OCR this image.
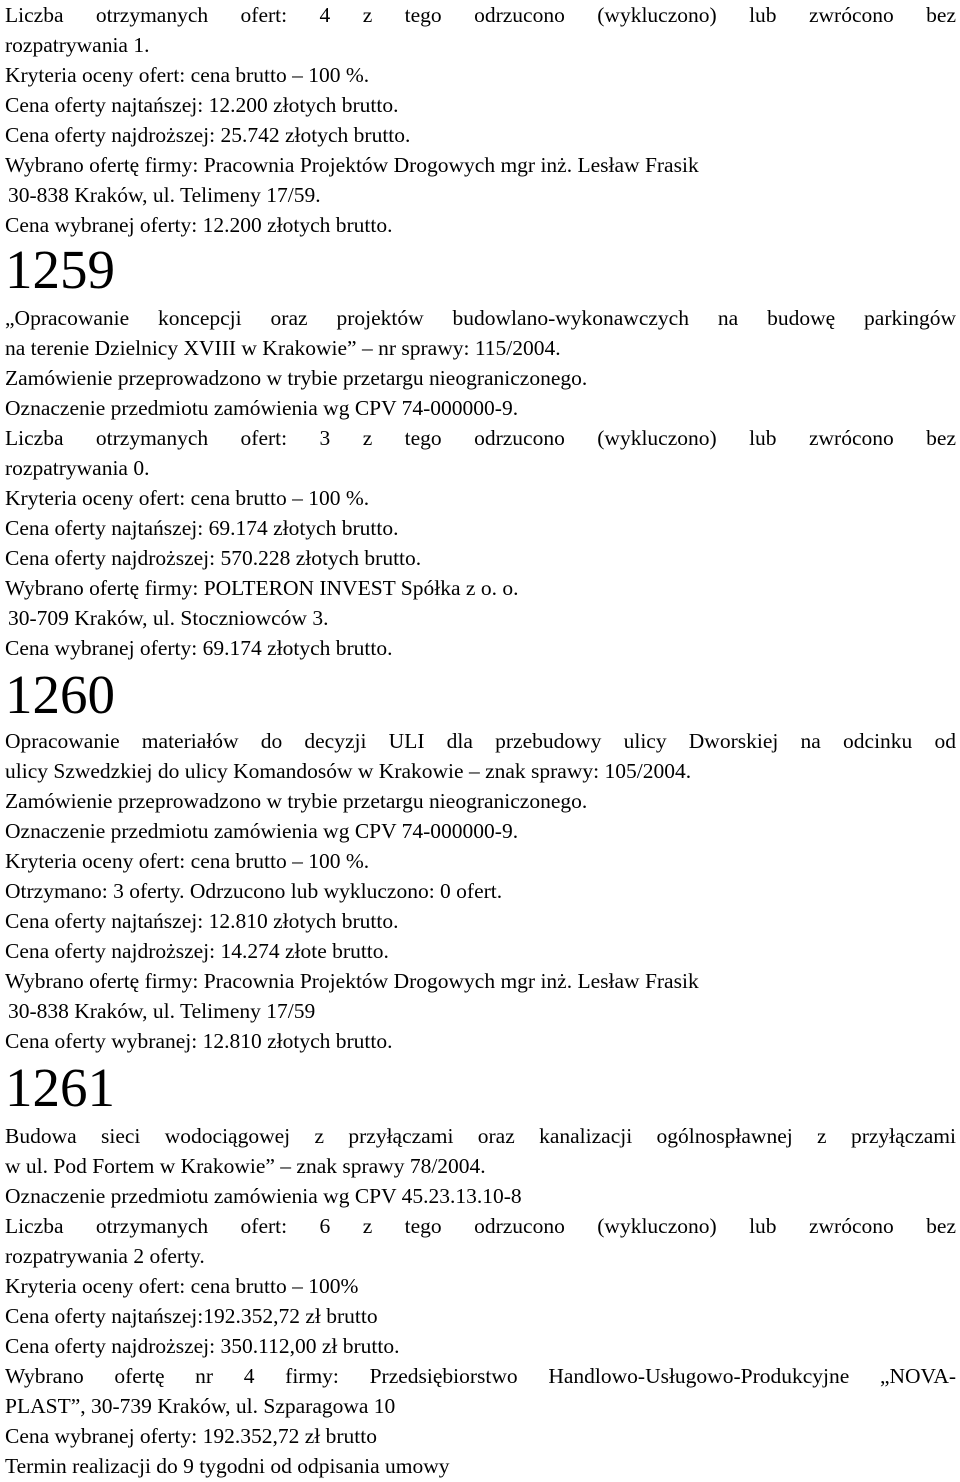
Liczba otrzymanych ofert: 4 z tego odrzucono (wykluczono) lub zwrócono bez
rozpatrywania 1.
Kryteria oceny ofert: cena brutto – 100 %.
Cena oferty najtańszej: 12.200 złotych brutto.
Cena oferty najdroższej: 25.742 złotych brutto.
Wybrano ofertę firmy: Pracownia Projektów Drogowych mgr inż. Lesław Frasik
30-838 Kraków, ul. Telimeny 17/59.
Cena wybranej oferty: 12.200 złotych brutto.
1259
„Opracowanie koncepcji oraz projektów budowlano-wykonawczych na budowę parkingów
na terenie Dzielnicy XVIII w Krakowie” – nr sprawy: 115/2004.
Zamówienie przeprowadzono w trybie przetargu nieograniczonego.
Oznaczenie przedmiotu zamówienia wg CPV 74-000000-9.
Liczba otrzymanych ofert: 3 z tego odrzucono (wykluczono) lub zwrócono bez
rozpatrywania 0.
Kryteria oceny ofert: cena brutto – 100 %.
Cena oferty najtańszej: 69.174 złotych brutto.
Cena oferty najdroższej: 570.228 złotych brutto.
Wybrano ofertę firmy: POLTERON INVEST Spółka z o. o.
30-709 Kraków, ul. Stoczniowców 3.
Cena wybranej oferty: 69.174 złotych brutto.
1260
Opracowanie materiałów do decyzji ULI dla przebudowy ulicy Dworskiej na odcinku od
ulicy Szwedzkiej do ulicy Komandosów w Krakowie – znak sprawy: 105/2004.
Zamówienie przeprowadzono w trybie przetargu nieograniczonego.
Oznaczenie przedmiotu zamówienia wg CPV 74-000000-9.
Kryteria oceny ofert: cena brutto – 100 %.
Otrzymano: 3 oferty. Odrzucono lub wykluczono: 0 ofert.
Cena oferty najtańszej: 12.810 złotych brutto.
Cena oferty najdroższej: 14.274 złote brutto.
Wybrano ofertę firmy: Pracownia Projektów Drogowych mgr inż. Lesław Frasik
30-838 Kraków, ul. Telimeny 17/59
Cena oferty wybranej: 12.810 złotych brutto.
1261
Budowa sieci wodociągowej z przyłączami oraz kanalizacji ogólnospławnej z przyłączami
w ul. Pod Fortem w Krakowie” – znak sprawy 78/2004.
Oznaczenie przedmiotu zamówienia wg CPV 45.23.13.10-8
Liczba otrzymanych ofert: 6 z tego odrzucono (wykluczono) lub zwrócono bez
rozpatrywania 2 oferty.
Kryteria oceny ofert: cena brutto – 100%
Cena oferty najtańszej:192.352,72 zł brutto
Cena oferty najdroższej: 350.112,00 zł brutto.
Wybrano ofertę nr 4 firmy: Przedsiębiorstwo Handlowo-Usługowo-Produkcyjne „NOVA-
PLAST”, 30-739 Kraków, ul. Szparagowa 10
Cena wybranej oferty: 192.352,72 zł brutto
Termin realizacji do 9 tygodni od odpisania umowy
